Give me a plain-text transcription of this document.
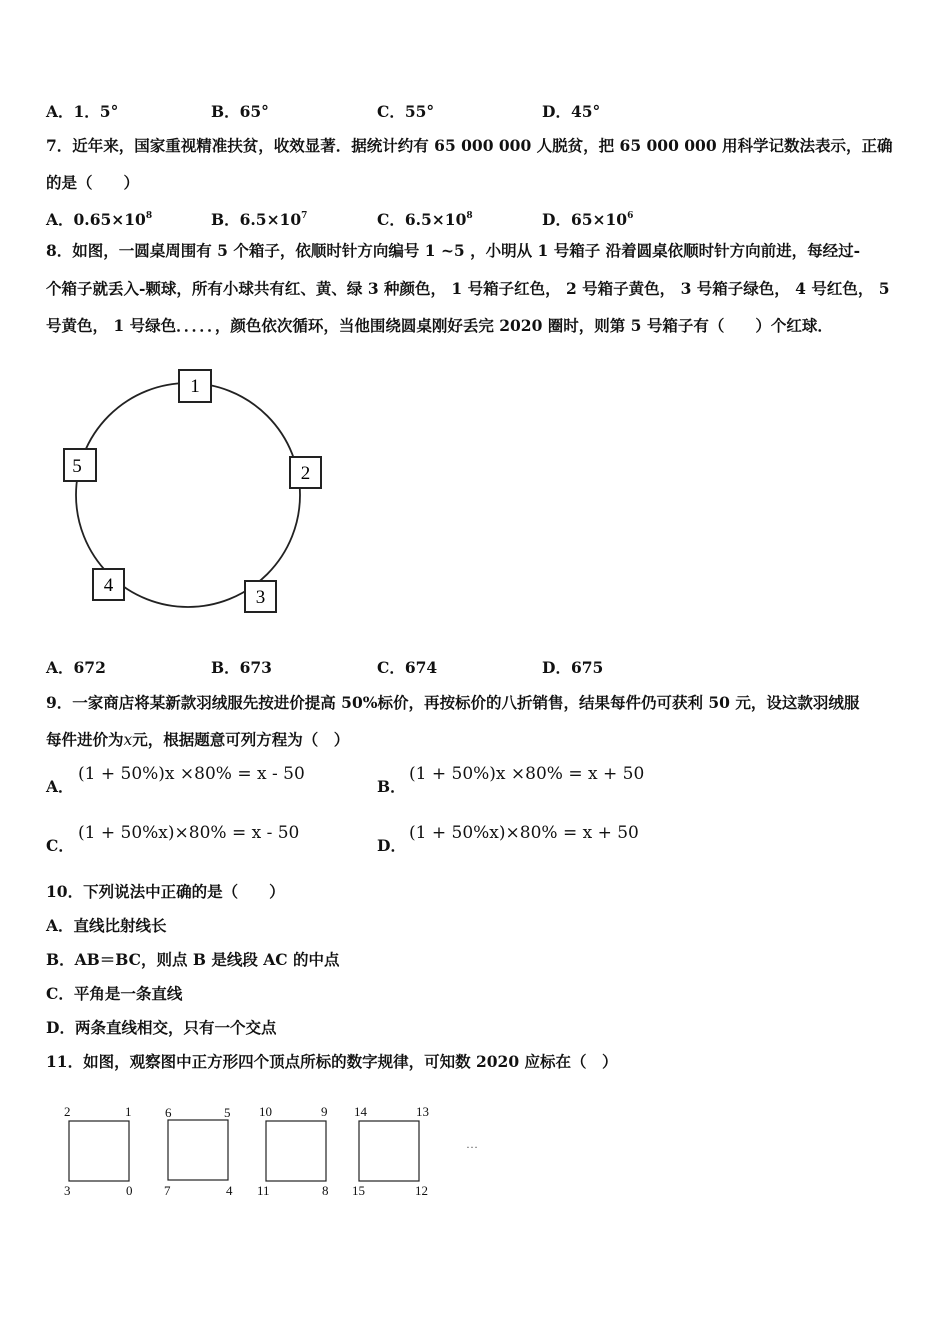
A．1．5°	B．65°	C．55°	D．45°
7．近年来，国家重视精准扶贫，收效显著．据统计约有 65 000 000 人脱贫，把 65 000 000 用科学记数法表示，正确
的是（　　）
A．$0.65\times 10^8$	B．$6.5\times 10^7$	C．$6.5\times 10^8$	D．$65\times 10^6$
8．如图，一圆桌周围有 5 个箱子，依顺时针方向编号 1 ~5 ，小明从 1 号箱子 沿着圆桌依顺时针方向前进，每经过-
个箱子就丢入-颗球，所有小球共有红、黄、绿 3 种颜色， 1 号箱子红色， 2 号箱子黄色， 3 号箱子绿色， 4 号红色， 5
号黄色， 1 号绿色．．．．．，颜色依次循环，当他围绕圆桌刚好丢完 2020 圈时，则第 5 号箱子有（　　）个红球．
1
2
3
4
5
A．672	B．673	C．674	D．675
9．一家商店将某新款羽绒服先按进价提高 50%标价，再按标价的八折销售，结果每件仍可获利 50 元，设这款羽绒服
每件进价为x元，根据题意可列方程为（　）
A．
(1 + 50%)x ×80% = x - 50
B．
(1 + 50%)x ×80% = x + 50
C．
(1 + 50%x)×80% = x - 50
D．
(1 + 50%x)×80% = x + 50
10．下列说法中正确的是（　　）
A．直线比射线长
B．AB＝BC，则点 B 是线段 AC 的中点
C．平角是一条直线
D．两条直线相交，只有一个交点
11．如图，观察图中正方形四个顶点所标的数字规律，可知数 2020 应标在（　）
2	1
3	0
6	5
7	4
10	9
11	8
14	13
15	12
…
